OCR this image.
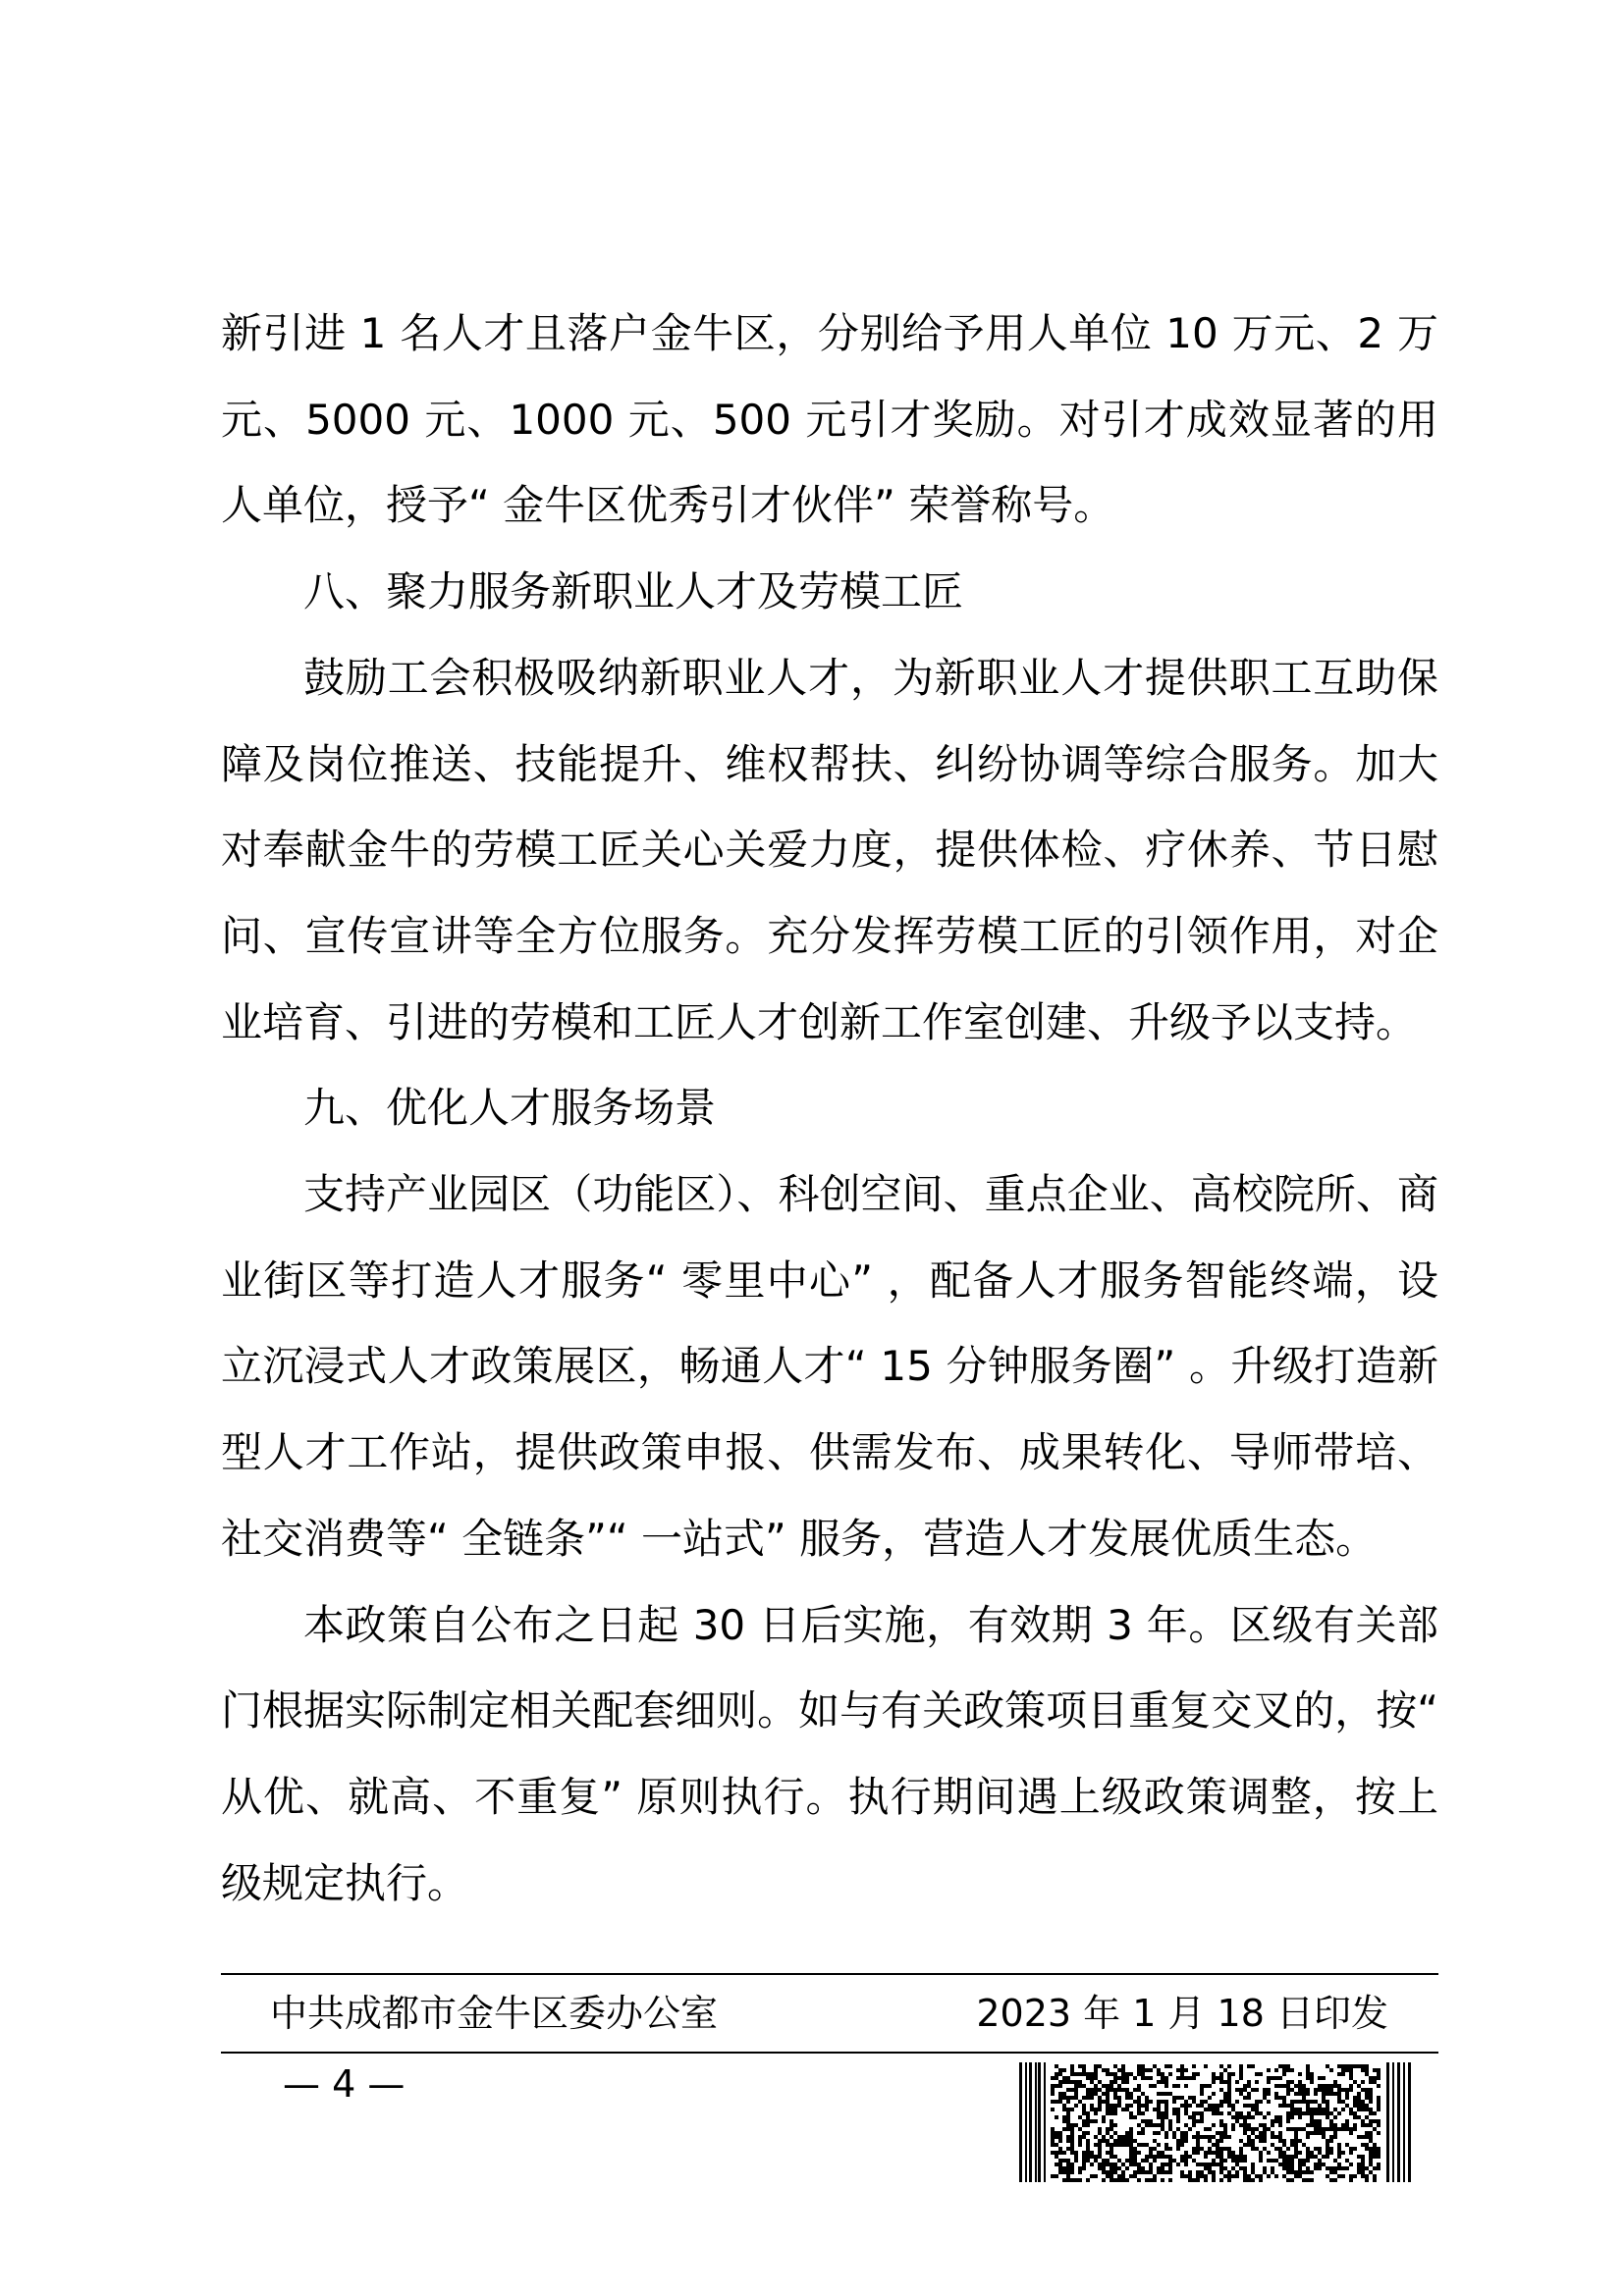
新引进 1 名人才且落户金牛区，分别给予用人单位 10 万元、2 万元、5000 元、1000 元、500 元引才奖励。对引才成效显著的用人单位，授予“ 金牛区优秀引才伙伴” 荣誉称号。

八、聚力服务新职业人才及劳模工匠

鼓励工会积极吸纳新职业人才，为新职业人才提供职工互助保障及岗位推送、技能提升、维权帮扶、纠纷协调等综合服务。加大对奉献金牛的劳模工匠关心关爱力度，提供体检、疗休养、节日慰问、宣传宣讲等全方位服务。充分发挥劳模工匠的引领作用，对企业培育、引进的劳模和工匠人才创新工作室创建、升级予以支持。

九、优化人才服务场景

支持产业园区（功能区）、科创空间、重点企业、高校院所、商业街区等打造人才服务“ 零里中心” ，配备人才服务智能终端，设立沉浸式人才政策展区，畅通人才“ 15 分钟服务圈” 。升级打造新型人才工作站，提供政策申报、供需发布、成果转化、导师带培、社交消费等“ 全链条”“ 一站式” 服务，营造人才发展优质生态。

本政策自公布之日起 30 日后实施，有效期 3 年。区级有关部门根据实际制定相关配套细则。如与有关政策项目重复交叉的，按“ 从优、就高、不重复” 原则执行。执行期间遇上级政策调整，按上级规定执行。

中共成都市金牛区委办公室	2023 年 1 月 18 日印发
— 4 —
